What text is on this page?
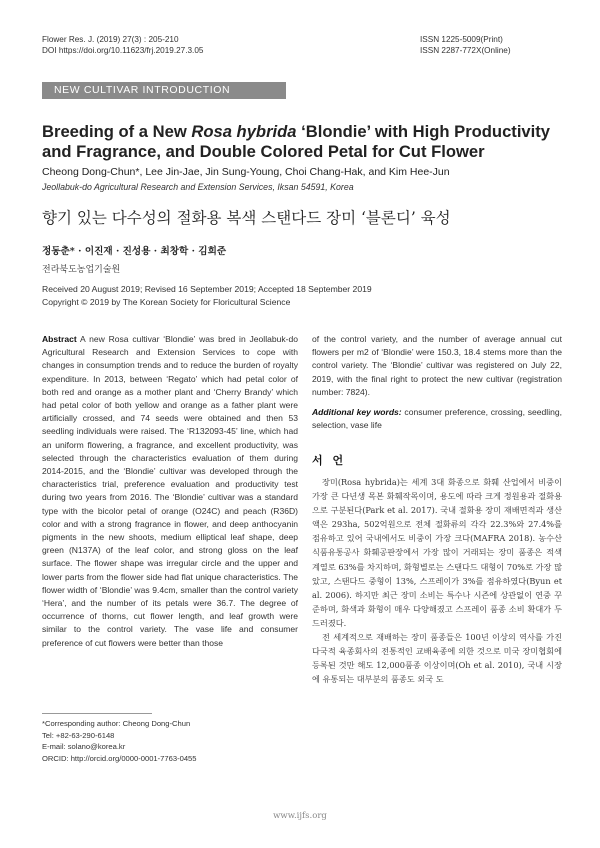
Flower Res. J. (2019) 27(3) : 205-210
DOI https://doi.org/10.11623/frj.2019.27.3.05
ISSN 1225-5009(Print)
ISSN 2287-772X(Online)
NEW CULTIVAR INTRODUCTION
Breeding of a New Rosa hybrida ‘Blondie’ with High Productivity and Fragrance, and Double Colored Petal for Cut Flower
Cheong Dong-Chun*, Lee Jin-Jae, Jin Sung-Young, Choi Chang-Hak, and Kim Hee-Jun
Jeollabuk-do Agricultural Research and Extension Services, Iksan 54591, Korea
향기 있는 다수성의 절화용 복색 스탠다드 장미 ‘블론디’ 육성
정동춘* · 이진재 · 진성용 · 최창학 · 김희준
전라북도농업기술원
Received 20 August 2019; Revised 16 September 2019; Accepted 18 September 2019
Copyright © 2019 by The Korean Society for Floricultural Science
Abstract A new Rosa cultivar ‘Blondie’ was bred in Jeollabuk-do Agricultural Research and Extension Services to cope with changes in consumption trends and to reduce the burden of royalty expenditure. In 2013, between ‘Regato’ which had petal color of both red and orange as a mother plant and ‘Cherry Brandy’ which had petal color of both yellow and orange as a father plant were artificially crossed, and 74 seeds were obtained and then 53 seedling individuals were raised. The ‘R132093-45’ line, which had an uniform flowering, a fragrance, and excellent productivity, was selected through the characteristics evaluation of them during 2014-2015, and the ‘Blondie’ cultivar was developed through the characteristics trial, preference evaluation and productivity test during two years from 2016. The ‘Blondie’ cultivar was a standard type with the bicolor petal of orange (O24C) and peach (R36D) color and with a strong fragrance in flower, and deep anthocyanin pigments in the new shoots, medium elliptical leaf shape, deep green (N137A) of the leaf color, and strong gloss on the leaf surface. The flower shape was irregular circle and the upper and lower parts from the flower side had flat unique characteristics. The flower width of ‘Blondie’ was 9.4cm, smaller than the control variety ‘Hera’, and the number of its petals were 36.7. The degree of occurrence of thorns, cut flower length, and leaf growth were similar to the control variety. The vase life and consumer preference of cut flowers were better than those
of the control variety, and the number of average annual cut flowers per m2 of ‘Blondie’ were 150.3, 18.4 stems more than the control variety. The ‘Blondie’ cultivar was registered on July 22, 2019, with the final right to protect the new cultivar (registration number: 7824).
Additional key words: consumer preference, crossing, seedling, selection, vase life
서 언

장미(Rosa hybrida)는 세계 3대 화종으로 화훼 산업에서 비중이 가장 큰 다년생 목본 화훼작목이며, 용도에 따라 크게 정원용과 절화용으로 구분된다(Park et al. 2017). 국내 절화용 장미 재배면적과 생산액은 293ha, 502억원으로 전체 절화류의 각각 22.3%와 27.4%를 점유하고 있어 국내에서도 비중이 가장 크다(MAFRA 2018). 농수산식품유통공사 화훼공판장에서 가장 많이 거래되는 장미 품종은 적색 계열로 63%를 차지하며, 화형별로는 스탠다드 대형이 70%로 가장 많았고, 스탠다드 중형이 13%, 스프레이가 3%를 점유하였다(Byun et al. 2006). 하지만 최근 장미 소비는 특수나 시즌에 상관없이 연중 꾸준하며, 화색과 화형이 매우 다양해졌고 스프레이 품종 소비 확대가 두드러졌다.

전 세계적으로 재배하는 장미 품종들은 100년 이상의 역사를 가진 다국적 육종회사의 전통적인 교배육종에 의한 것으로 미국 장미협회에 등록된 것만 해도 12,000품종 이상이며(Oh et al. 2010), 국내 시장에 유통되는 대부분의 품종도 외국 도

*Corresponding author: Cheong Dong-Chun
Tel: +82-63-290-6148
E-mail: solano@korea.kr
ORCID: http://orcid.org/0000-0001-7763-0455
www.ijfs.org
